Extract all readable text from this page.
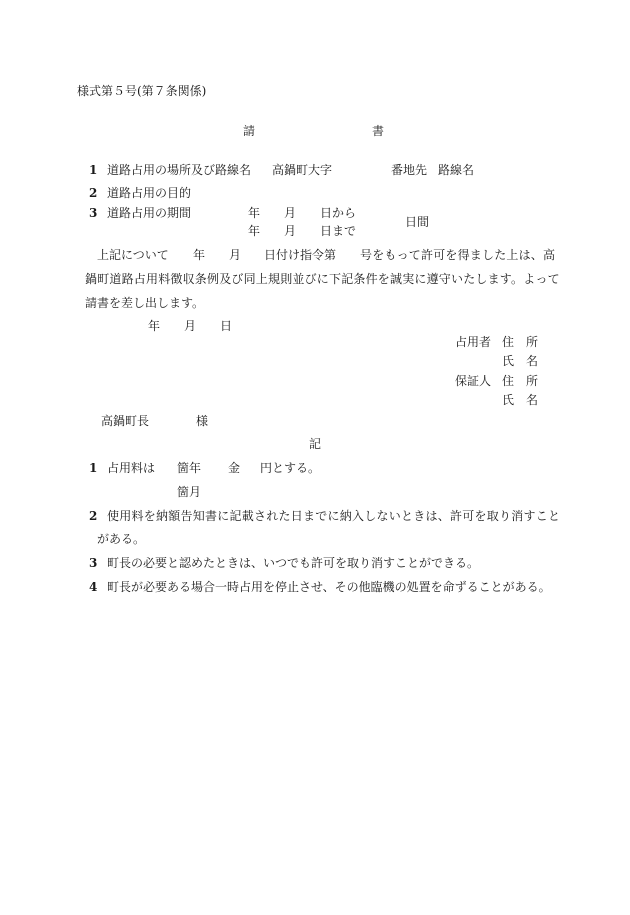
様式第５号(第７条関係)
請	書
1 道路占用の場所及び路線名 高鍋町大字	番地先 路線名
2 道路占用の目的
3 道路占用の期間	年 月 日から
日間
年 月 日まで
上記について 年 月 日付け指令第 号をもって許可を得ました上は、高
鍋町道路占用料徴収条例及び同上規則並びに下記条件を誠実に遵守いたします。よって
請書を差し出します。
年 月 日
占用者 住　所
氏　名
保証人 住　所
氏　名
高鍋町長	様
記
1 占用料は 箇年 金 円とする。
箇月
2 使用料を納額告知書に記載された日までに納入しないときは、許可を取り消すこと
がある。
3 町長の必要と認めたときは、いつでも許可を取り消すことができる。
4 町長が必要ある場合一時占用を停止させ、その他臨機の処置を命ずることがある。
